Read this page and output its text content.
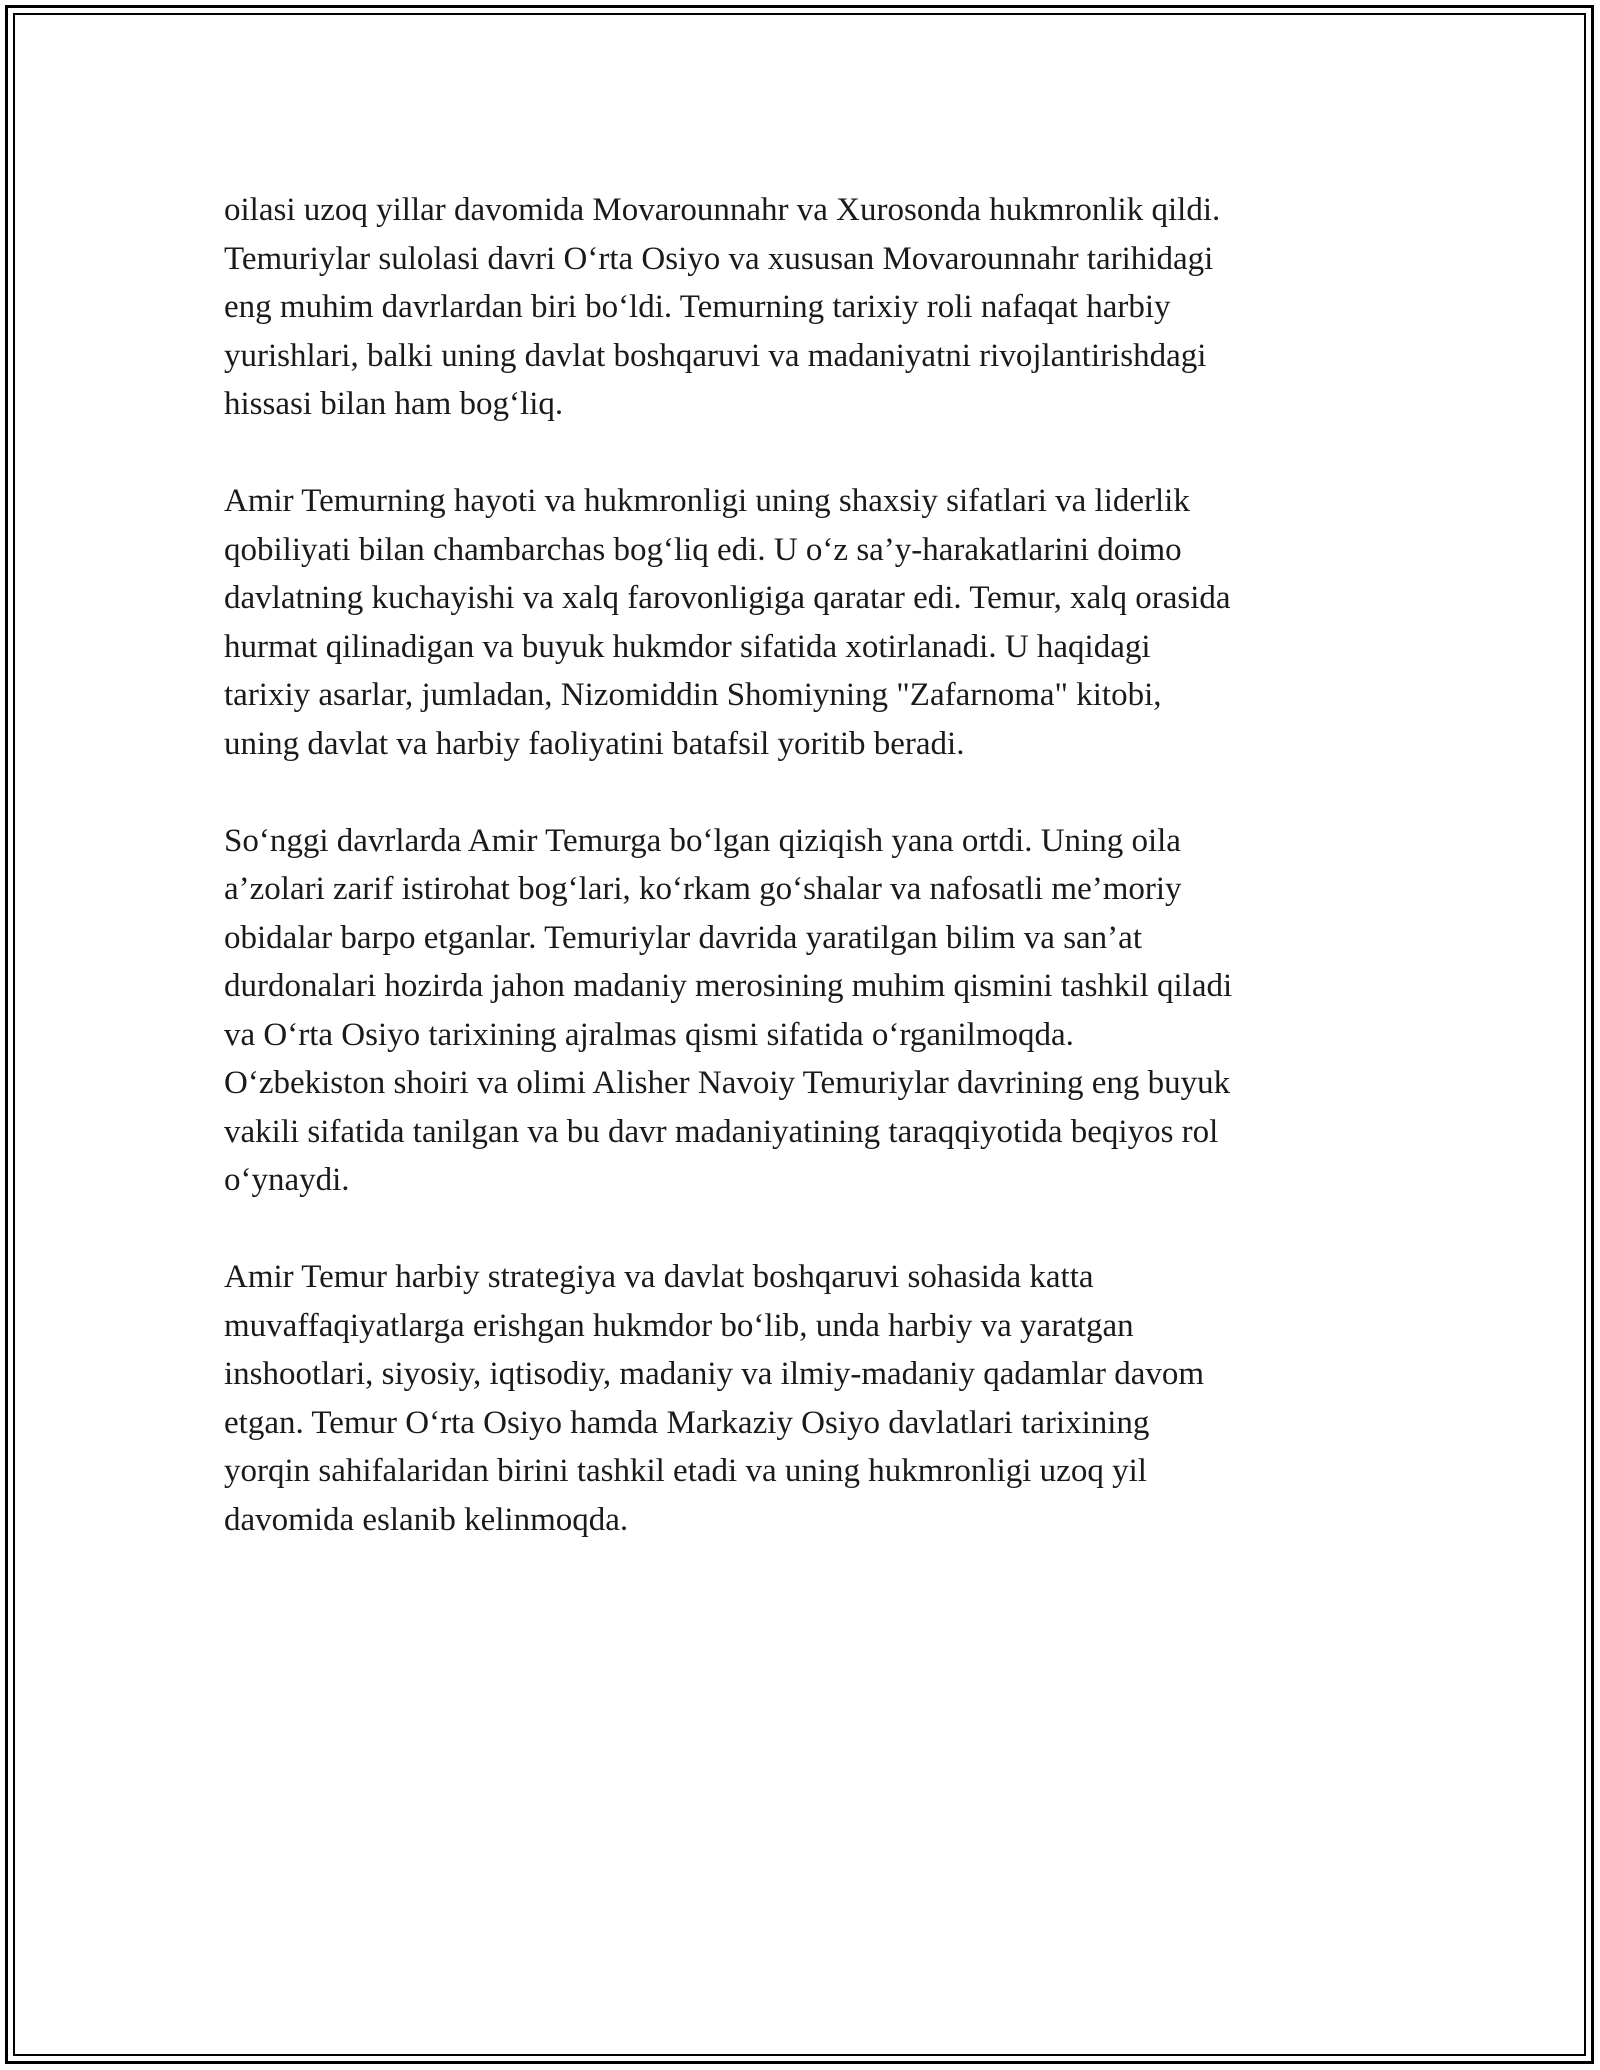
oilasi uzoq yillar davomida Movarounnahr va Xurosonda hukmronlik qildi.
Temuriylar sulolasi davri O‘rta Osiyo va xususan Movarounnahr tarihidagi
eng muhim davrlardan biri bo‘ldi. Temurning tarixiy roli nafaqat harbiy
yurishlari, balki uning davlat boshqaruvi va madaniyatni rivojlantirishdagi
hissasi bilan ham bog‘liq.

Amir Temurning hayoti va hukmronligi uning shaxsiy sifatlari va liderlik
qobiliyati bilan chambarchas bog‘liq edi. U o‘z sa’y-harakatlarini doimo
davlatning kuchayishi va xalq farovonligiga qaratar edi. Temur, xalq orasida
hurmat qilinadigan va buyuk hukmdor sifatida xotirlanadi. U haqidagi
tarixiy asarlar, jumladan, Nizomiddin Shomiyning "Zafarnoma" kitobi,
uning davlat va harbiy faoliyatini batafsil yoritib beradi.

So‘nggi davrlarda Amir Temurga bo‘lgan qiziqish yana ortdi. Uning oila
a’zolari zarif istirohat bog‘lari, ko‘rkam go‘shalar va nafosatli me’moriy
obidalar barpo etganlar. Temuriylar davrida yaratilgan bilim va san’at
durdonalari hozirda jahon madaniy merosining muhim qismini tashkil qiladi
va O‘rta Osiyo tarixining ajralmas qismi sifatida o‘rganilmoqda.
O‘zbekiston shoiri va olimi Alisher Navoiy Temuriylar davrining eng buyuk
vakili sifatida tanilgan va bu davr madaniyatining taraqqiyotida beqiyos rol
o‘ynaydi.

Amir Temur harbiy strategiya va davlat boshqaruvi sohasida katta
muvaffaqiyatlarga erishgan hukmdor bo‘lib, unda harbiy va yaratgan
inshootlari, siyosiy, iqtisodiy, madaniy va ilmiy-madaniy qadamlar davom
etgan. Temur O‘rta Osiyo hamda Markaziy Osiyo davlatlari tarixining
yorqin sahifalaridan birini tashkil etadi va uning hukmronligi uzoq yil
davomida eslanib kelinmoqda.
